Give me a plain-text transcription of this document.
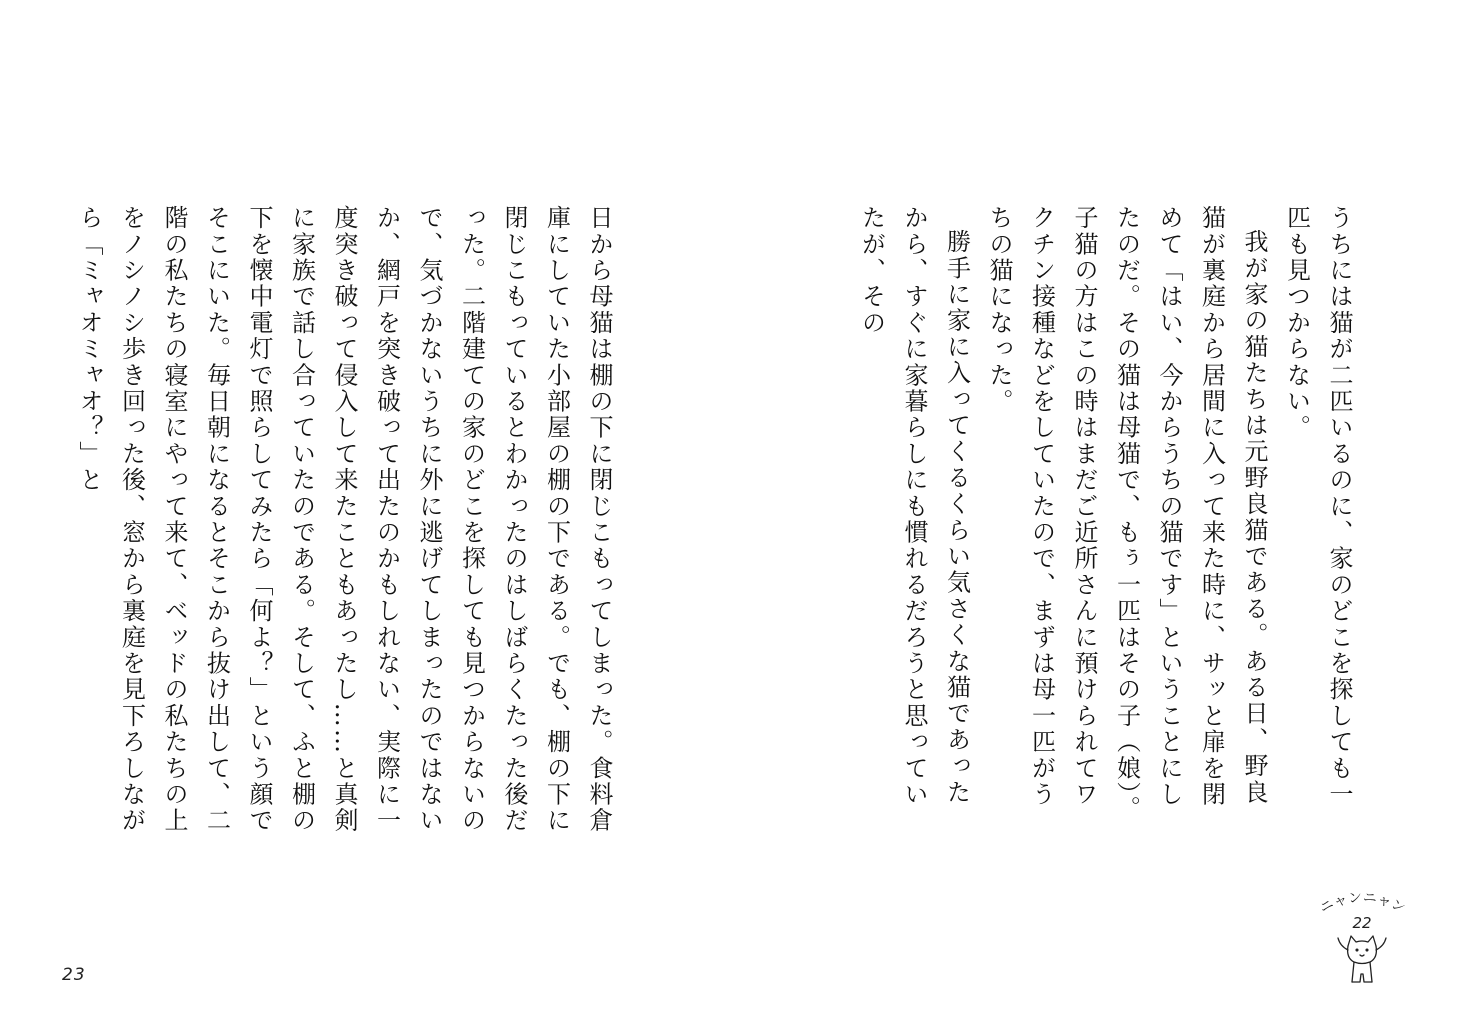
うちには猫が二匹いるのに、家のどこを探しても一匹も見つからない。

我が家の猫たちは元野良猫である。ある日、野良猫が裏庭から居間に入って来た時に、サッと扉を閉めて「はい、今からうちの猫です」ということにしたのだ。その猫は母猫で、もぅ一匹はその子（娘）。子猫の方はこの時はまだご近所さんに預けられてワクチン接種などをしていたので、まずは母一匹がうちの猫になった。

勝手に家に入ってくるくらい気さくな猫であったから、すぐに家暮らしにも慣れるだろうと思っていたが、その

日から母猫は棚の下に閉じこもってしまった。食料倉庫にしていた小部屋の棚の下である。でも、棚の下に閉じこもっているとわかったのはしばらくたった後だった。二階建ての家のどこを探しても見つからないので、気づかないうちに外に逃げてしまったのではないか、網戸を突き破って出たのかもしれない、実際に一度突き破って侵入して来たこともあったし……と真剣に家族で話し合っていたのである。そして、ふと棚の下を懐中電灯で照らしてみたら「何よ？」という顔でそこにいた。毎日朝になるとそこから抜け出して、二階の私たちの寝室にやって来て、ベッドの私たちの上をノシノシ歩き回った後、窓から裏庭を見下ろしながら「ミャオミャオ？」と

23
ニャンニャン
22
